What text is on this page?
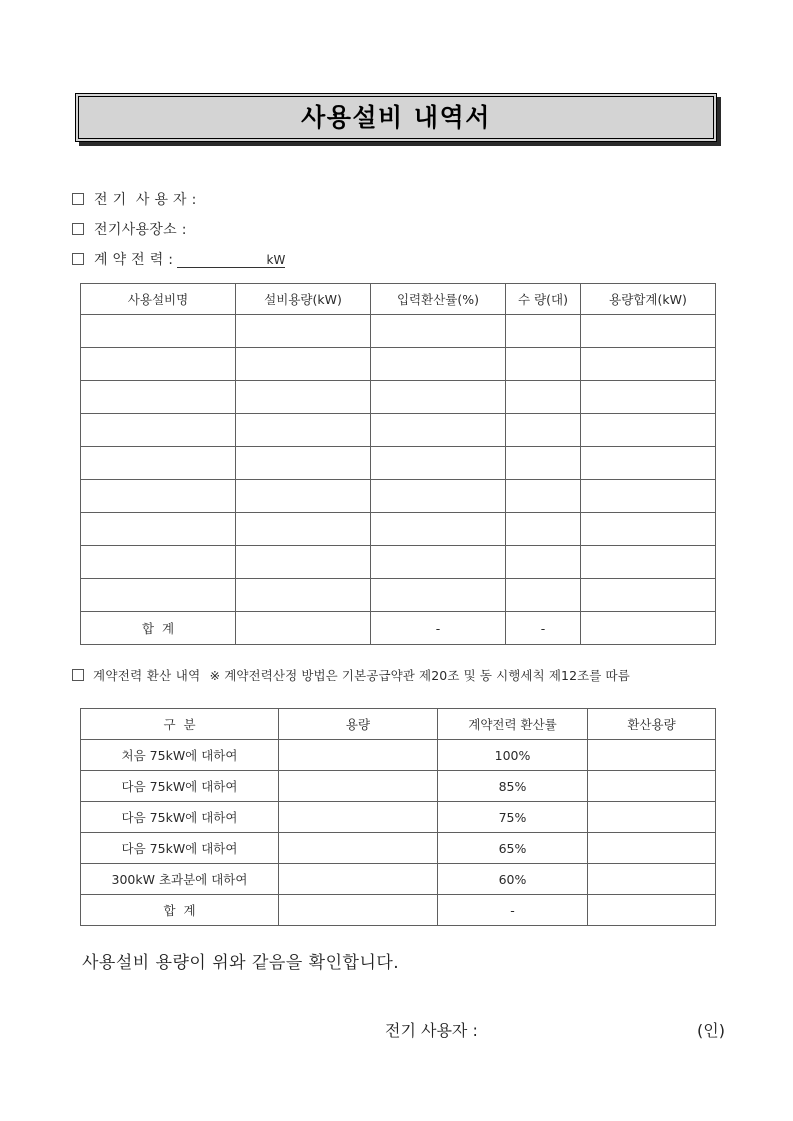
사용설비 내역서
전 기  사 용 자 :
전기사용장소 :
계 약 전 력 :	kW
사용설비명	설비용량(kW)	입력환산률(%)	수 량(대)	용량합계(kW)

합  계		-	-	
계약전력 환산 내역 ※ 계약전력산정 방법은 기본공급약관 제20조 및 동 시행세칙 제12조를 따름
구  분	용량	계약전력 환산률	환산용량
처음 75kW에 대하여		100%	
다음 75kW에 대하여		85%	
다음 75kW에 대하여		75%	
다음 75kW에 대하여		65%	
300kW 초과분에 대하여		60%	
합  계		-	
사용설비 용량이 위와 같음을 확인합니다.
전기 사용자 :	(인)
